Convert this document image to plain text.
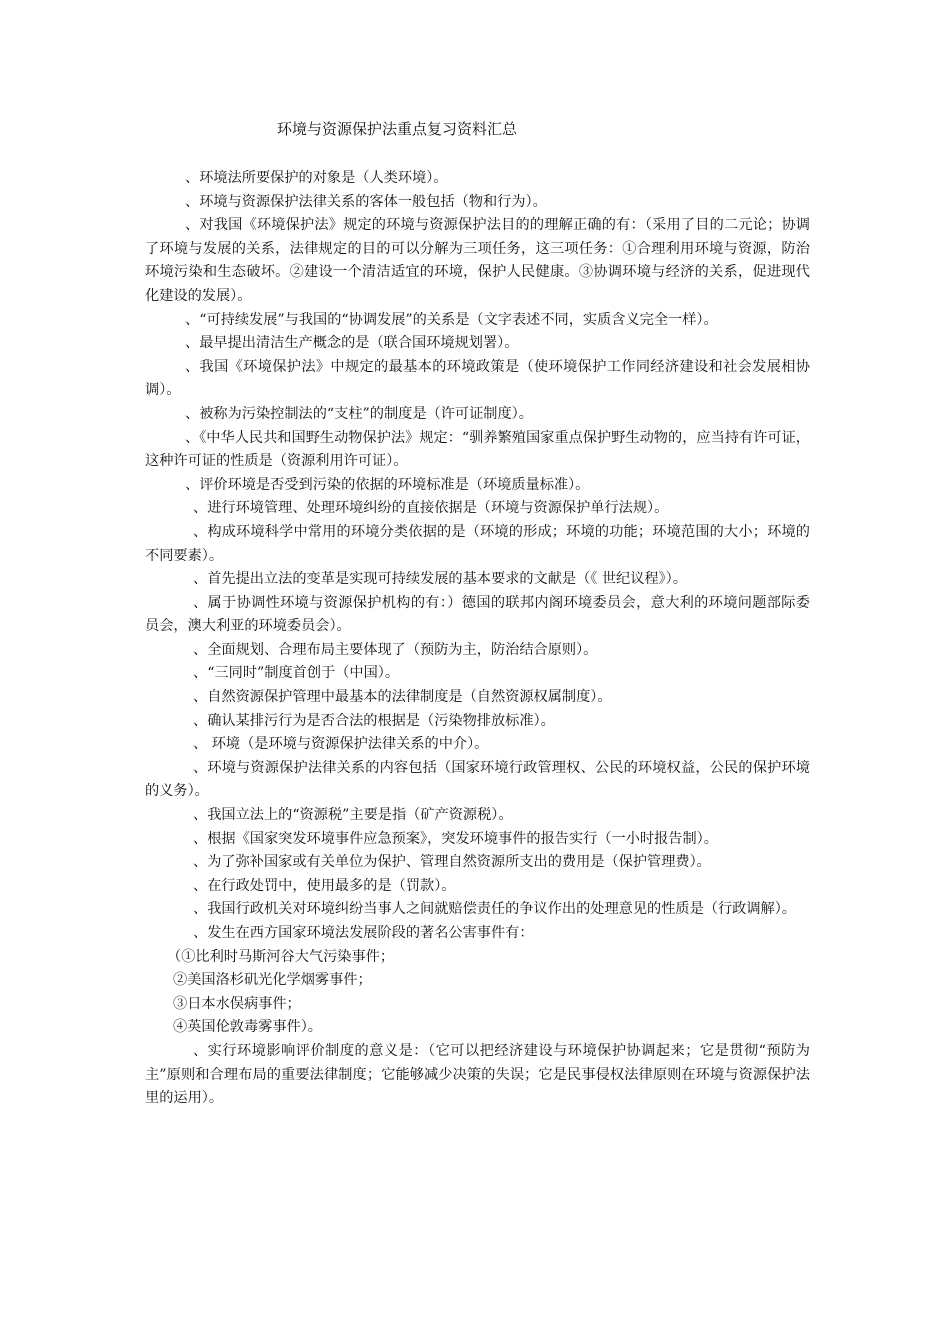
环境与资源保护法重点复习资料汇总

、环境法所要保护的对象是（人类环境）。

、环境与资源保护法律关系的客体一般包括（物和行为）。

、对我国《环境保护法》规定的环境与资源保护法目的的理解正确的有：（采用了目的二元论；协调了环境与发展的关系，法律规定的目的可以分解为三项任务，这三项任务：①合理利用环境与资源，防治环境污染和生态破坏。②建设一个清洁适宜的环境，保护人民健康。③协调环境与经济的关系，促进现代化建设的发展）。

、“可持续发展”与我国的“协调发展”的关系是（文字表述不同，实质含义完全一样）。

、最早提出清洁生产概念的是（联合国环境规划署）。

、我国《环境保护法》中规定的最基本的环境政策是（使环境保护工作同经济建设和社会发展相协调）。

、被称为污染控制法的“支柱”的制度是（许可证制度）。

、《中华人民共和国野生动物保护法》规定：“驯养繁殖国家重点保护野生动物的，应当持有许可证，这种许可证的性质是（资源利用许可证）。

、评价环境是否受到污染的依据的环境标准是（环境质量标准）。

、进行环境管理、处理环境纠纷的直接依据是（环境与资源保护单行法规）。

、构成环境科学中常用的环境分类依据的是（环境的形成；环境的功能；环境范围的大小；环境的不同要素）。

、首先提出立法的变革是实现可持续发展的基本要求的文献是（《 世纪议程》）。

、属于协调性环境与资源保护机构的有：）德国的联邦内阁环境委员会，意大利的环境问题部际委员会，澳大利亚的环境委员会）。

、全面规划、合理布局主要体现了（预防为主，防治结合原则）。

、“三同时”制度首创于（中国）。

、自然资源保护管理中最基本的法律制度是（自然资源权属制度）。

、确认某排污行为是否合法的根据是（污染物排放标准）。

、 环境（是环境与资源保护法律关系的中介）。

、环境与资源保护法律关系的内容包括（国家环境行政管理权、公民的环境权益，公民的保护环境的义务）。

、我国立法上的“资源税”主要是指（矿产资源税）。

、根据《国家突发环境事件应急预案》，突发环境事件的报告实行（一小时报告制）。

、为了弥补国家或有关单位为保护、管理自然资源所支出的费用是（保护管理费）。

、在行政处罚中，使用最多的是（罚款）。

、我国行政机关对环境纠纷当事人之间就赔偿责任的争议作出的处理意见的性质是（行政调解）。

、发生在西方国家环境法发展阶段的著名公害事件有：

（①比利时马斯河谷大气污染事件；

②美国洛杉矶光化学烟雾事件；

③日本水俣病事件；

④英国伦敦毒雾事件）。

、实行环境影响评价制度的意义是：（它可以把经济建设与环境保护协调起来；它是贯彻“预防为主”原则和合理布局的重要法律制度；它能够减少决策的失误；它是民事侵权法律原则在环境与资源保护法里的运用）。
